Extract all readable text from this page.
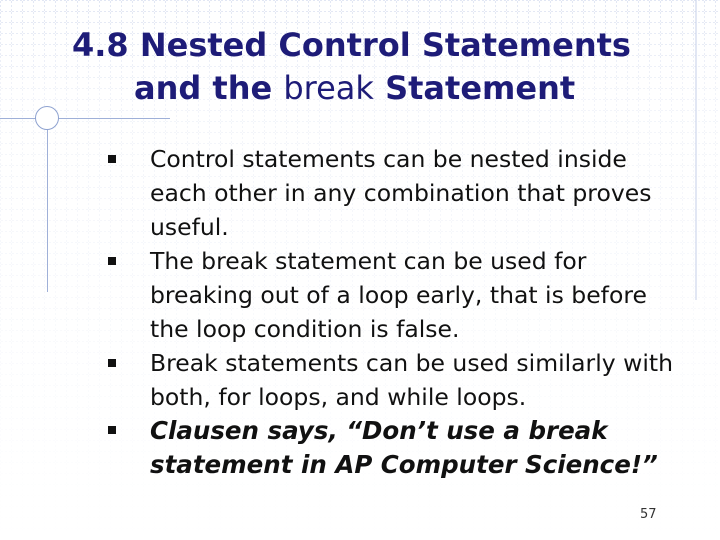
4.8 Nested Control Statements
and the break Statement

Control statements can be nested inside each other in any combination that proves useful.

The break statement can be used for breaking out of a loop early, that is before the loop condition is false.

Break statements can be used similarly with both, for loops, and while loops.

Clausen says, “Don’t use a break statement in AP Computer Science!”

57
